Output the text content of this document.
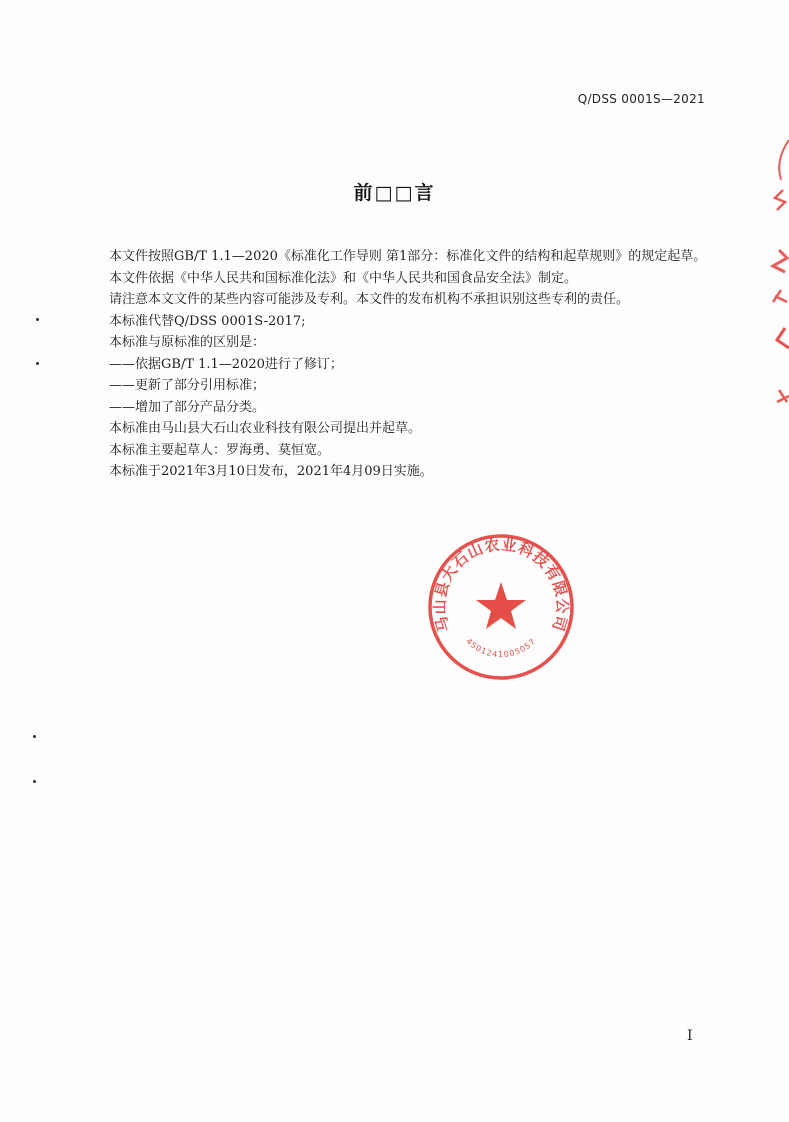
Q/DSS 0001S—2021
前□□言

本文件按照GB/T 1.1—2020《标准化工作导则 第1部分：标准化文件的结构和起草规则》的规定起草。

本文件依据《中华人民共和国标准化法》和《中华人民共和国食品安全法》制定。

请注意本文文件的某些内容可能涉及专利。本文件的发布机构不承担识别这些专利的责任。

本标准代替Q/DSS 0001S-2017;

本标准与原标准的区别是：

——依据GB/T 1.1—2020进行了修订；

——更新了部分引用标准；

——增加了部分产品分类。

本标准由马山县大石山农业科技有限公司提出并起草。

本标准主要起草人：罗海勇、莫恒宽。

本标准于2021年3月10日发布，2021年4月09日实施。

马山县大石山农业科技有限公司
4501241005057
I
